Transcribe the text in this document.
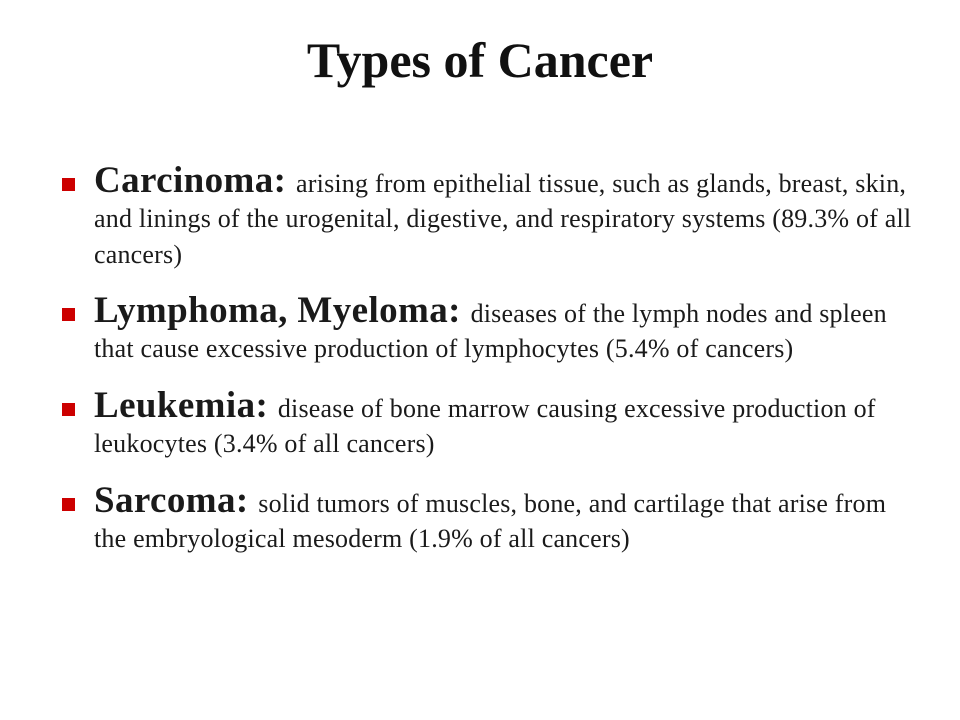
Types of Cancer
Carcinoma: arising from epithelial tissue, such as glands, breast, skin, and linings of the urogenital, digestive, and respiratory systems (89.3% of all cancers)
Lymphoma, Myeloma: diseases of the lymph nodes and spleen that cause excessive production of lymphocytes (5.4% of cancers)
Leukemia: disease of bone marrow causing excessive production of leukocytes (3.4% of all cancers)
Sarcoma: solid tumors of muscles, bone, and cartilage that arise from the embryological mesoderm (1.9% of all cancers)
